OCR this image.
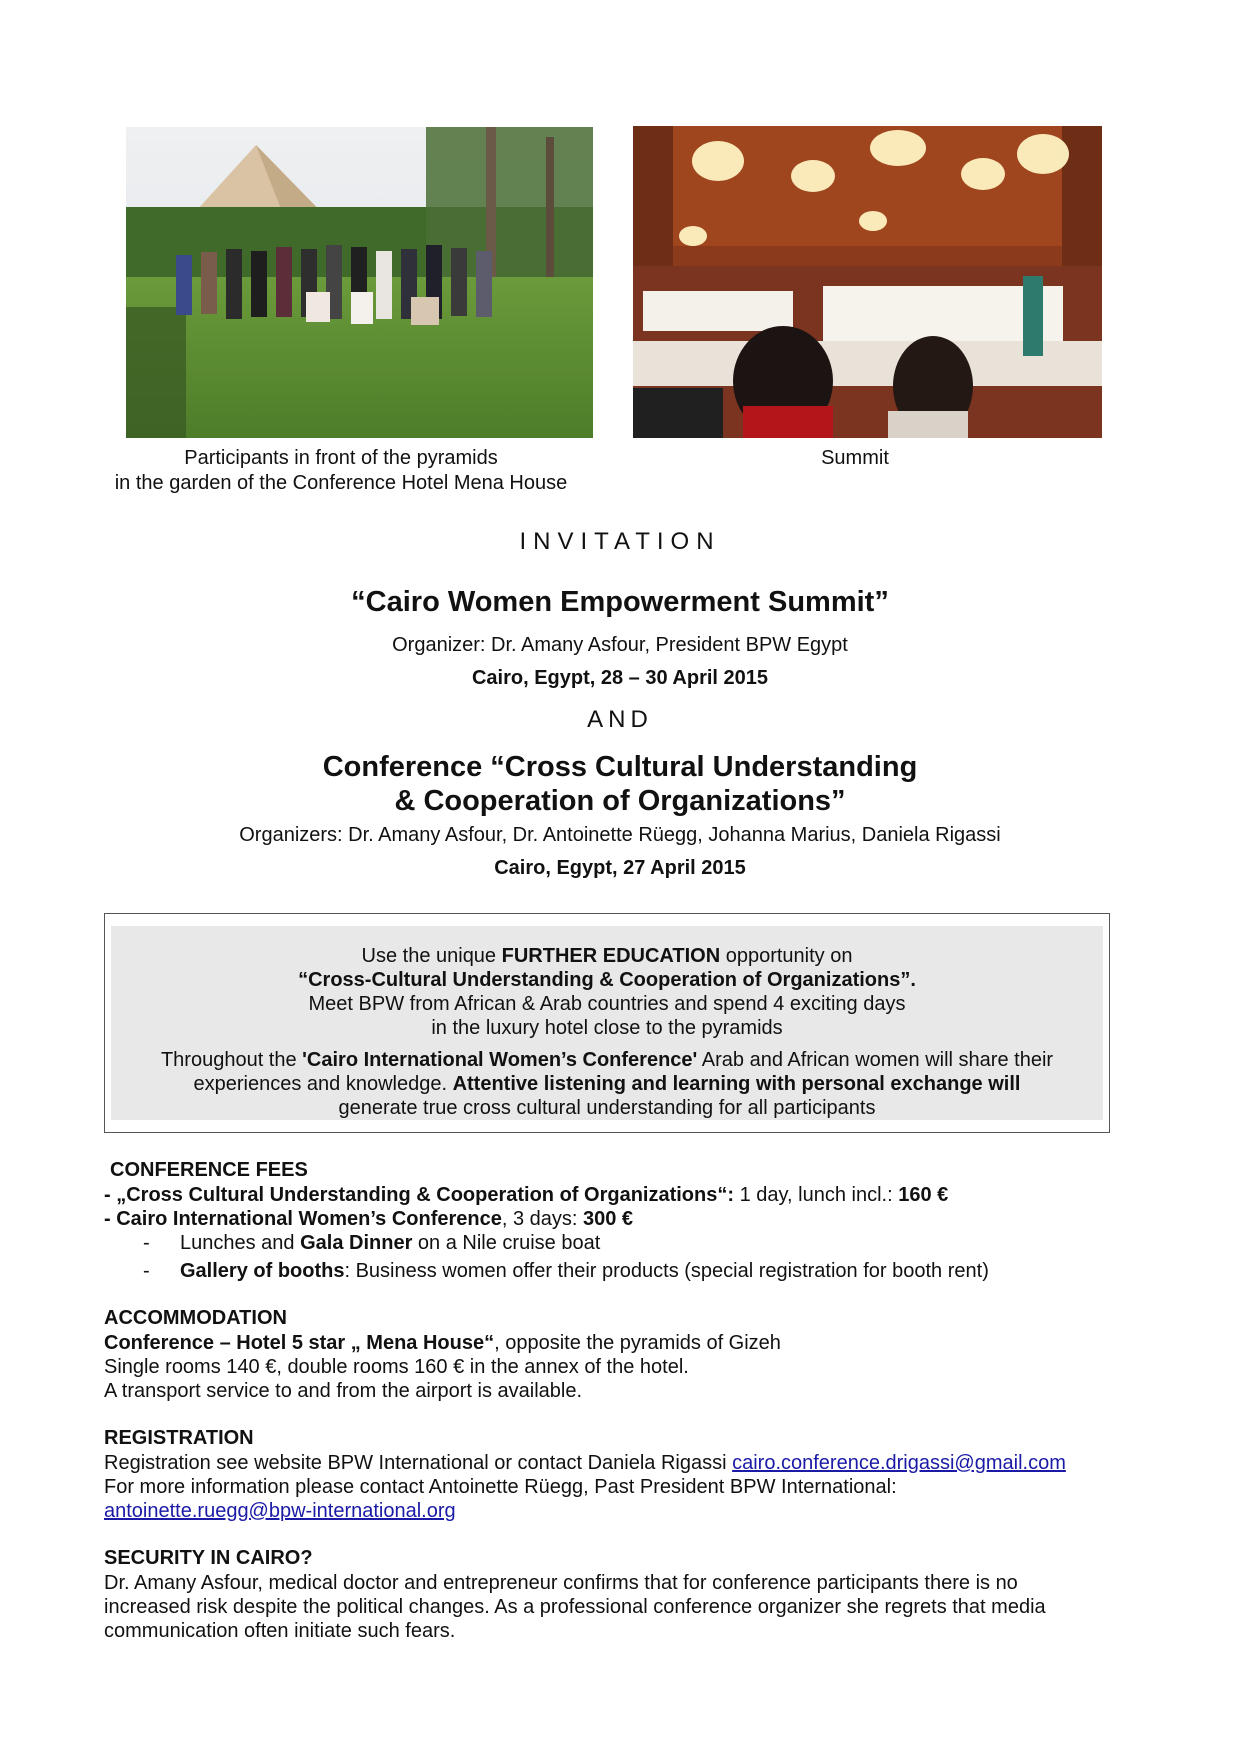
Participants in front of the pyramids
in the garden of the Conference Hotel Mena House
Summit
INVITATION
“Cairo Women Empowerment Summit”
Organizer: Dr. Amany Asfour, President BPW Egypt
Cairo, Egypt, 28 – 30 April 2015
AND
Conference “Cross Cultural Understanding
& Cooperation of Organizations”
Organizers: Dr. Amany Asfour, Dr. Antoinette Rüegg, Johanna Marius, Daniela Rigassi
Cairo, Egypt, 27 April 2015
Use the unique FURTHER EDUCATION opportunity on
“Cross-Cultural Understanding & Cooperation of Organizations”.
Meet BPW from African & Arab countries and spend 4 exciting days
in the luxury hotel close to the pyramids
Throughout the 'Cairo International Women’s Conference' Arab and African women will share their
experiences and knowledge. Attentive listening and learning with personal exchange will
generate true cross cultural understanding for all participants
CONFERENCE FEES
- „Cross Cultural Understanding & Cooperation of Organizations“: 1 day, lunch incl.: 160 €
- Cairo International Women’s Conference, 3 days: 300 €
- Lunches and Gala Dinner on a Nile cruise boat
- Gallery of booths: Business women offer their products (special registration for booth rent)
ACCOMMODATION
Conference – Hotel 5 star „ Mena House“, opposite the pyramids of Gizeh
Single rooms 140 €, double rooms 160 € in the annex of the hotel.
A transport service to and from the airport is available.
REGISTRATION
Registration see website BPW International or contact Daniela Rigassi cairo.conference.drigassi@gmail.com
For more information please contact Antoinette Rüegg, Past President BPW International:
antoinette.ruegg@bpw-international.org
SECURITY IN CAIRO?
Dr. Amany Asfour, medical doctor and entrepreneur confirms that for conference participants there is no
increased risk despite the political changes. As a professional conference organizer she regrets that media
communication often initiate such fears.
